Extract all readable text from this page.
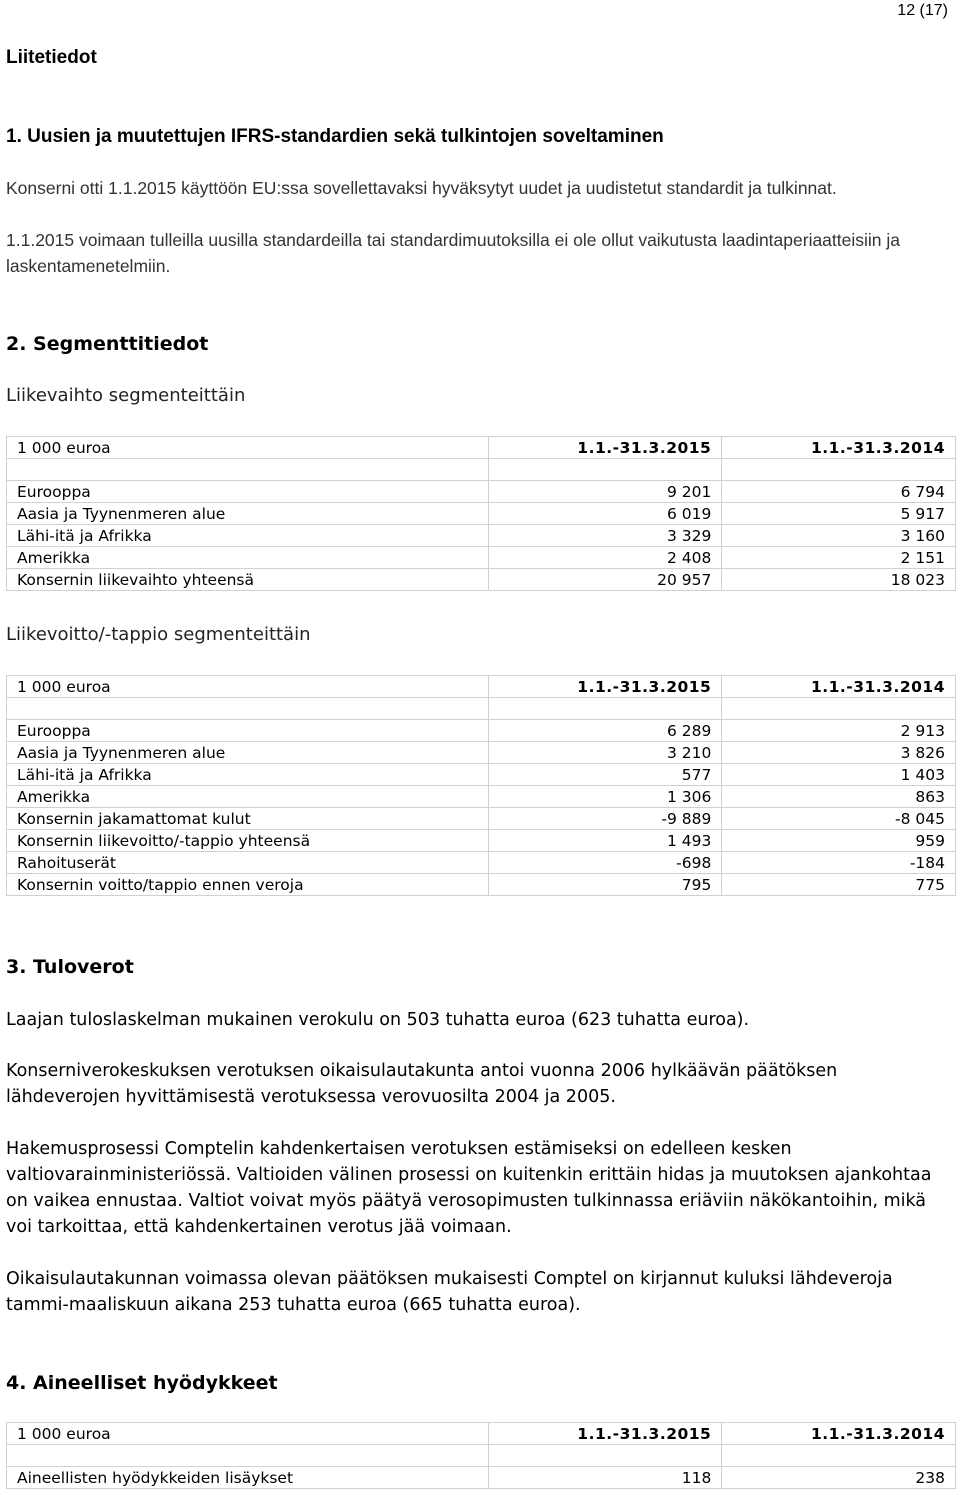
12 (17)
Liitetiedot
1. Uusien ja muutettujen IFRS-standardien sekä tulkintojen soveltaminen

Konserni otti 1.1.2015 käyttöön EU:ssa sovellettavaksi hyväksytyt uudet ja uudistetut standardit ja tulkinnat.

1.1.2015 voimaan tulleilla uusilla standardeilla tai standardimuutoksilla ei ole ollut vaikutusta laadintaperiaatteisiin ja laskentamenetelmiin.

2. Segmenttitiedot

Liikevaihto segmenteittäin

1 000 euroa	1.1.-31.3.2015	1.1.-31.3.2014

Eurooppa	9 201	6 794
Aasia ja Tyynenmeren alue	6 019	5 917
Lähi-itä ja Afrikka	3 329	3 160
Amerikka	2 408	2 151
Konsernin liikevaihto yhteensä	20 957	18 023

Liikevoitto/-tappio segmenteittäin

1 000 euroa	1.1.-31.3.2015	1.1.-31.3.2014

Eurooppa	6 289	2 913
Aasia ja Tyynenmeren alue	3 210	3 826
Lähi-itä ja Afrikka	577	1 403
Amerikka	1 306	863
Konsernin jakamattomat kulut	-9 889	-8 045
Konsernin liikevoitto/-tappio yhteensä	1 493	959
Rahoituserät	-698	-184
Konsernin voitto/tappio ennen veroja	795	775
3. Tuloverot

Laajan tuloslaskelman mukainen verokulu on 503 tuhatta euroa (623 tuhatta euroa).

Konserniverokeskuksen verotuksen oikaisulautakunta antoi vuonna 2006 hylkäävän päätöksen lähdeverojen hyvittämisestä verotuksessa verovuosilta 2004 ja 2005.

Hakemusprosessi Comptelin kahdenkertaisen verotuksen estämiseksi on edelleen kesken valtiovarainministeriössä. Valtioiden välinen prosessi on kuitenkin erittäin hidas ja muutoksen ajankohtaa on vaikea ennustaa. Valtiot voivat myös päätyä verosopimusten tulkinnassa eriäviin näkökantoihin, mikä voi tarkoittaa, että kahdenkertainen verotus jää voimaan.

Oikaisulautakunnan voimassa olevan päätöksen mukaisesti Comptel on kirjannut kuluksi lähdeveroja tammi-maaliskuun aikana 253 tuhatta euroa (665 tuhatta euroa).

4. Aineelliset hyödykkeet
1 000 euroa	1.1.-31.3.2015	1.1.-31.3.2014

Aineellisten hyödykkeiden lisäykset	118	238
